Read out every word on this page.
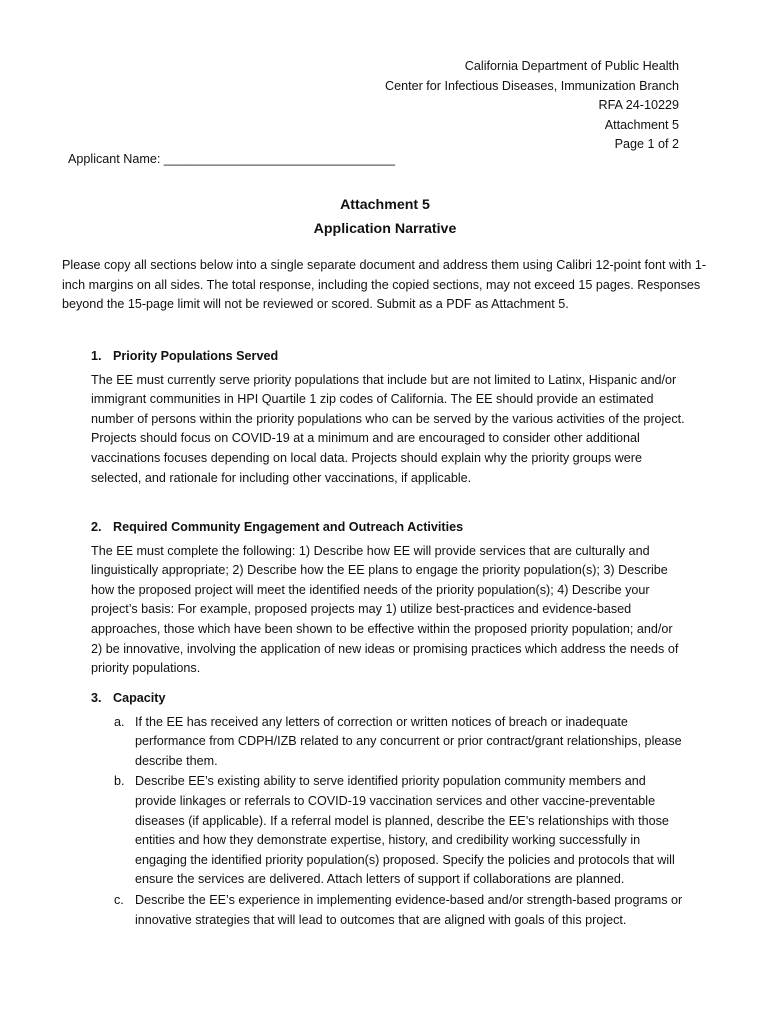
California Department of Public Health
Center for Infectious Diseases, Immunization Branch
RFA 24-10229
Attachment 5
Page 1 of 2
Applicant Name: _________________________________
Attachment 5
Application Narrative

Please copy all sections below into a single separate document and address them using Calibri 12-point font with 1-inch margins on all sides. The total response, including the copied sections, may not exceed 15 pages. Responses beyond the 15-page limit will not be reviewed or scored. Submit as a PDF as Attachment 5.

1. Priority Populations Served

The EE must currently serve priority populations that include but are not limited to Latinx, Hispanic and/or immigrant communities in HPI Quartile 1 zip codes of California. The EE should provide an estimated number of persons within the priority populations who can be served by the various activities of the project. Projects should focus on COVID-19 at a minimum and are encouraged to consider other additional vaccinations focuses depending on local data. Projects should explain why the priority groups were selected, and rationale for including other vaccinations, if applicable.

2. Required Community Engagement and Outreach Activities

The EE must complete the following: 1) Describe how EE will provide services that are culturally and linguistically appropriate; 2) Describe how the EE plans to engage the priority population(s); 3) Describe how the proposed project will meet the identified needs of the priority population(s); 4) Describe your project’s basis: For example, proposed projects may 1) utilize best-practices and evidence-based approaches, those which have been shown to be effective within the proposed priority population; and/or 2) be innovative, involving the application of new ideas or promising practices which address the needs of priority populations.

3. Capacity
a. If the EE has received any letters of correction or written notices of breach or inadequate performance from CDPH/IZB related to any concurrent or prior contract/grant relationships, please describe them.
b. Describe EE’s existing ability to serve identified priority population community members and provide linkages or referrals to COVID-19 vaccination services and other vaccine-preventable diseases (if applicable). If a referral model is planned, describe the EE’s relationships with those entities and how they demonstrate expertise, history, and credibility working successfully in engaging the identified priority population(s) proposed. Specify the policies and protocols that will ensure the services are delivered. Attach letters of support if collaborations are planned.
c. Describe the EE’s experience in implementing evidence-based and/or strength-based programs or innovative strategies that will lead to outcomes that are aligned with goals of this project.
